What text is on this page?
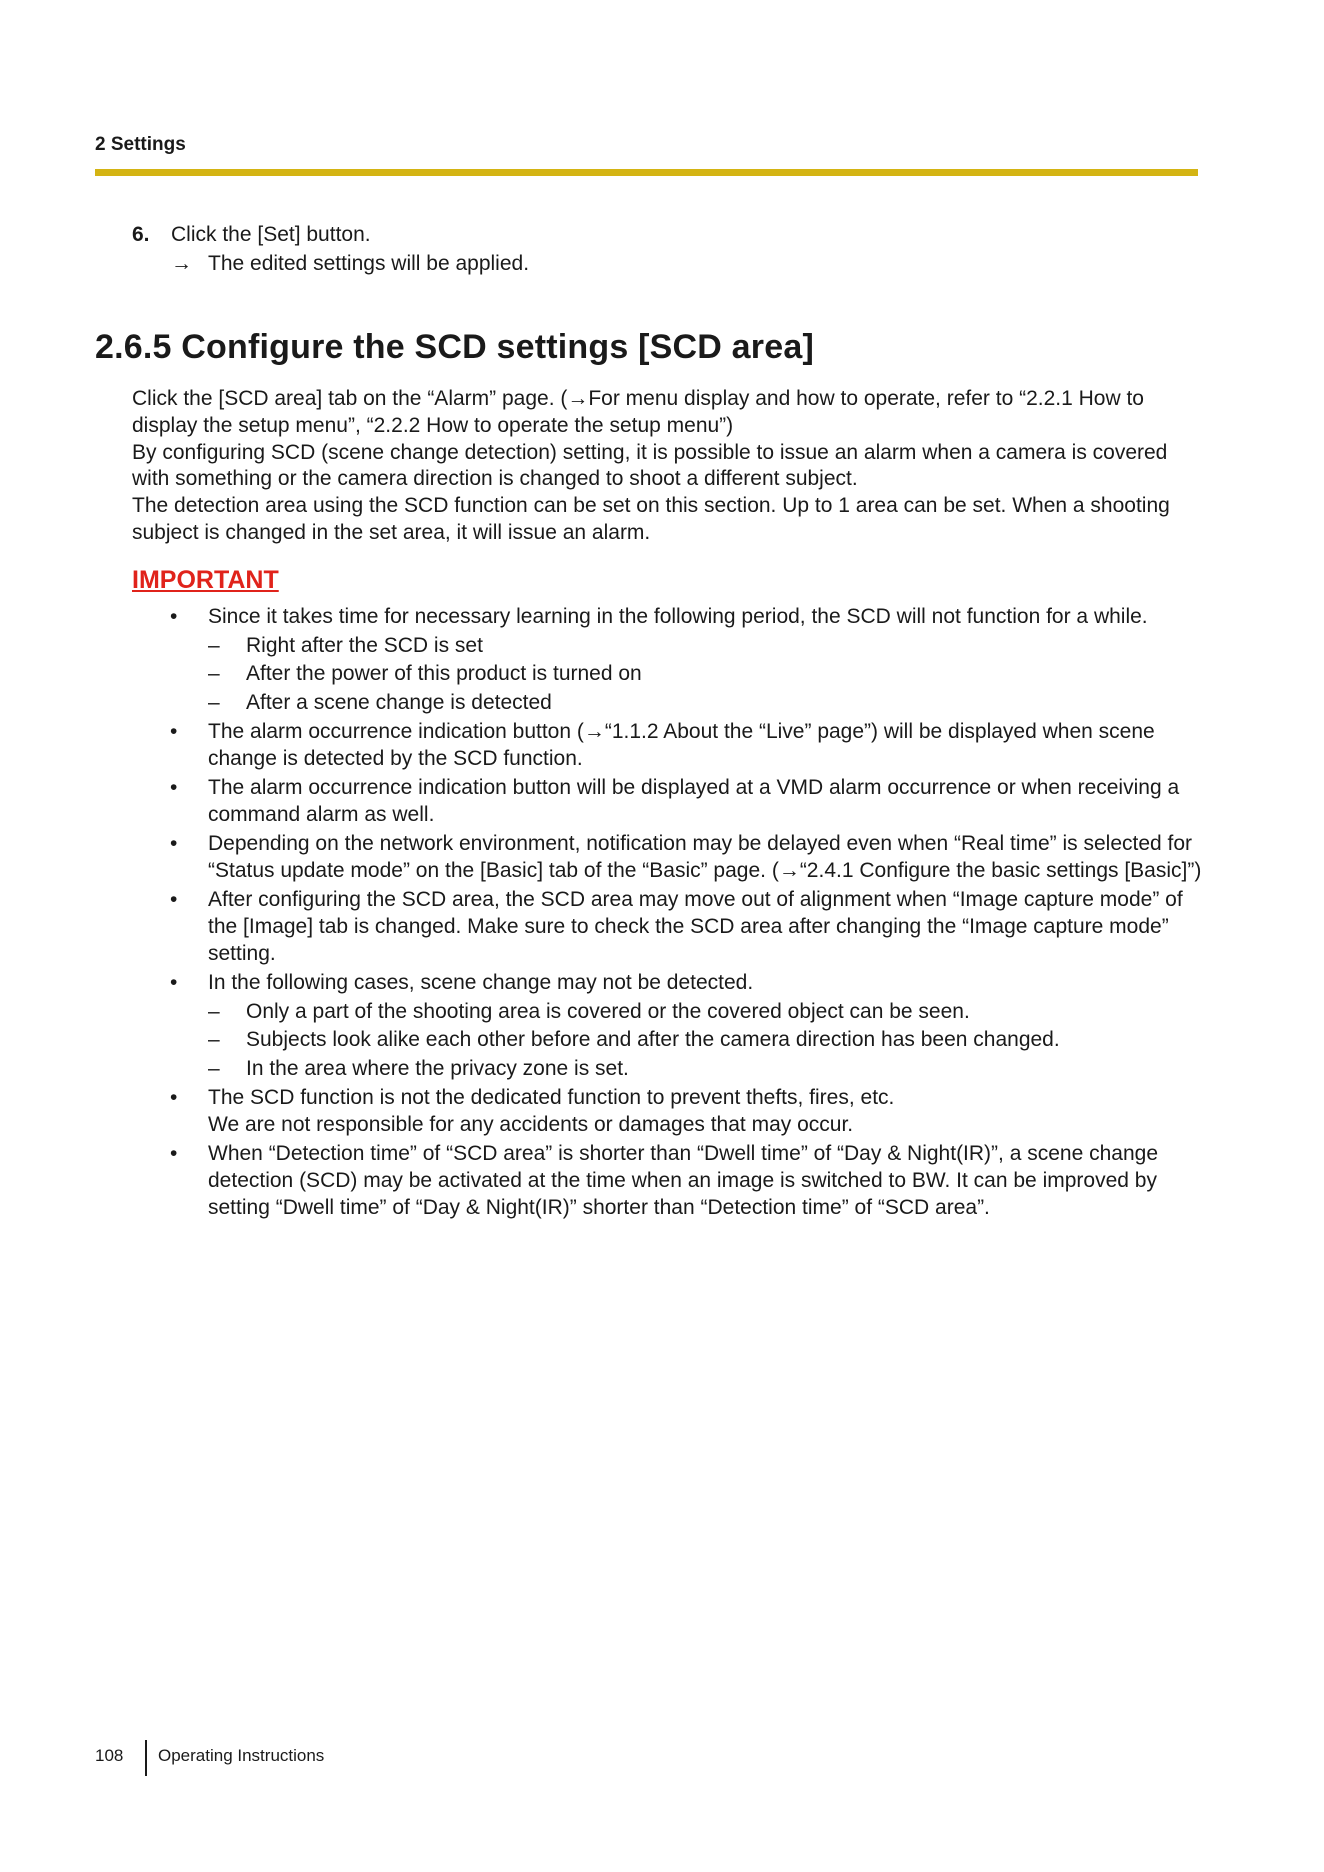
2 Settings
6. Click the [Set] button.
→ The edited settings will be applied.
2.6.5 Configure the SCD settings [SCD area]

Click the [SCD area] tab on the “Alarm” page. (→For menu display and how to operate, refer to “2.2.1 How to display the setup menu”, “2.2.2 How to operate the setup menu”)

By configuring SCD (scene change detection) setting, it is possible to issue an alarm when a camera is covered with something or the camera direction is changed to shoot a different subject.

The detection area using the SCD function can be set on this section. Up to 1 area can be set. When a shooting subject is changed in the set area, it will issue an alarm.

IMPORTANT
• Since it takes time for necessary learning in the following period, the SCD will not function for a while.
– Right after the SCD is set
– After the power of this product is turned on
– After a scene change is detected
• The alarm occurrence indication button (→“1.1.2 About the “Live” page”) will be displayed when scene change is detected by the SCD function.
• The alarm occurrence indication button will be displayed at a VMD alarm occurrence or when receiving a command alarm as well.
• Depending on the network environment, notification may be delayed even when “Real time” is selected for “Status update mode” on the [Basic] tab of the “Basic” page. (→“2.4.1 Configure the basic settings [Basic]”)
• After configuring the SCD area, the SCD area may move out of alignment when “Image capture mode” of the [Image] tab is changed. Make sure to check the SCD area after changing the “Image capture mode” setting.
• In the following cases, scene change may not be detected.
– Only a part of the shooting area is covered or the covered object can be seen.
– Subjects look alike each other before and after the camera direction has been changed.
– In the area where the privacy zone is set.
• The SCD function is not the dedicated function to prevent thefts, fires, etc.
We are not responsible for any accidents or damages that may occur.
• When “Detection time” of “SCD area” is shorter than “Dwell time” of “Day & Night(IR)”, a scene change detection (SCD) may be activated at the time when an image is switched to BW. It can be improved by setting “Dwell time” of “Day & Night(IR)” shorter than “Detection time” of “SCD area”.
108 Operating Instructions
